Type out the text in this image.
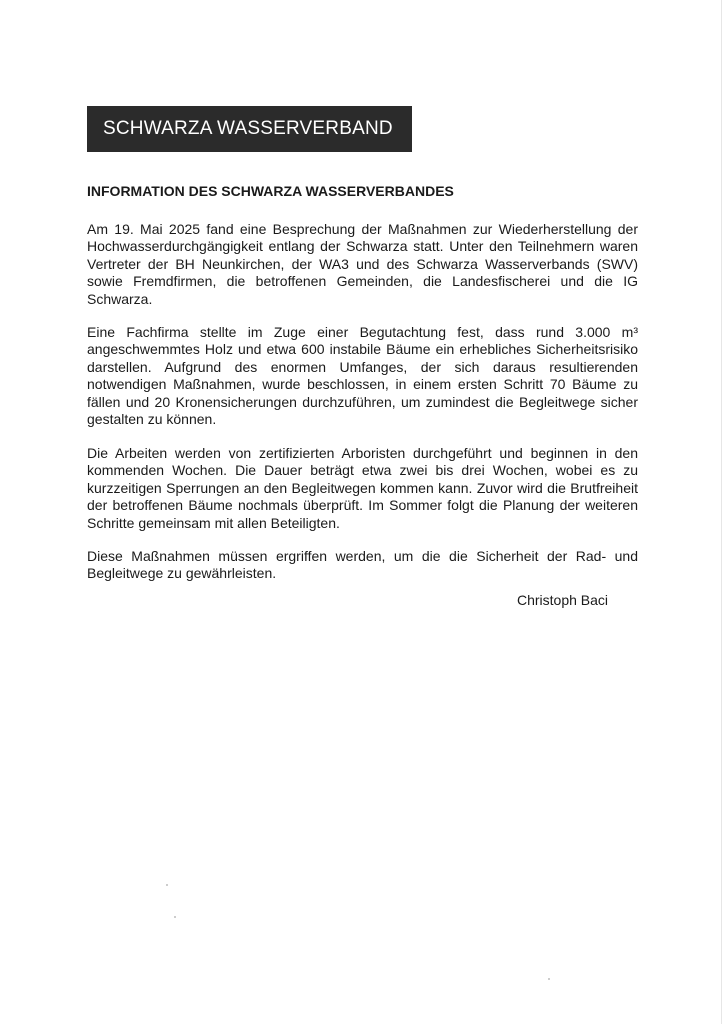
SCHWARZA WASSERVERBAND
INFORMATION DES SCHWARZA WASSERVERBANDES

Am 19. Mai 2025 fand eine Besprechung der Maßnahmen zur Wiederherstellung der Hochwasserdurchgängigkeit entlang der Schwarza statt. Unter den Teilnehmern waren Vertreter der BH Neunkirchen, der WA3 und des Schwarza Wasserverbands (SWV) sowie Fremdfirmen, die betroffenen Gemeinden, die Landesfischerei und die IG Schwarza.

Eine Fachfirma stellte im Zuge einer Begutachtung fest, dass rund 3.000 m³ angeschwemmtes Holz und etwa 600 instabile Bäume ein erhebliches Sicherheitsrisiko darstellen. Aufgrund des enormen Umfanges, der sich daraus resultierenden notwendigen Maßnahmen, wurde beschlossen, in einem ersten Schritt 70 Bäume zu fällen und 20 Kronensicherungen durchzuführen, um zumindest die Begleitwege sicher gestalten zu können.

Die Arbeiten werden von zertifizierten Arboristen durchgeführt und beginnen in den kommenden Wochen. Die Dauer beträgt etwa zwei bis drei Wochen, wobei es zu kurzzeitigen Sperrungen an den Begleitwegen kommen kann. Zuvor wird die Brutfreiheit der betroffenen Bäume nochmals überprüft. Im Sommer folgt die Planung der weiteren Schritte gemeinsam mit allen Beteiligten.

Diese Maßnahmen müssen ergriffen werden, um die die Sicherheit der Rad- und Begleitwege zu gewährleisten.

Christoph Baci
